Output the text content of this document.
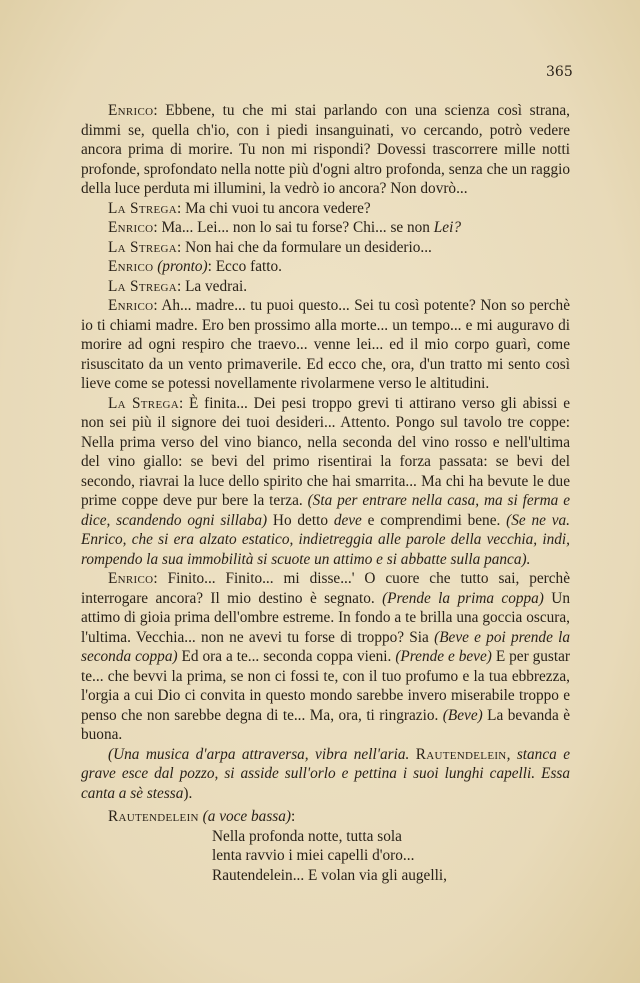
365

Enrico: Ebbene, tu che mi stai parlando con una scienza così strana, dimmi se, quella ch'io, con i piedi insanguinati, vo cercando, potrò vedere ancora prima di morire. Tu non mi rispondi? Dovessi trascorrere mille notti profonde, sprofondato nella notte più d'ogni altro profonda, senza che un raggio della luce perduta mi illumini, la vedrò io ancora? Non dovrò...

La Strega: Ma chi vuoi tu ancora vedere?

Enrico: Ma... Lei... non lo sai tu forse? Chi... se non Lei?

La Strega: Non hai che da formulare un desiderio...

Enrico (pronto): Ecco fatto.

La Strega: La vedrai.

Enrico: Ah... madre... tu puoi questo... Sei tu così potente? Non so perchè io ti chiami madre. Ero ben prossimo alla morte... un tempo... e mi auguravo di morire ad ogni respiro che traevo... venne lei... ed il mio corpo guarì, come risuscitato da un vento primaverile. Ed ecco che, ora, d'un tratto mi sento così lieve come se potessi novellamente rivolarmene verso le altitudini.

La Strega: È finita... Dei pesi troppo grevi ti attirano verso gli abissi e non sei più il signore dei tuoi desideri... Attento. Pongo sul tavolo tre coppe: Nella prima verso del vino bianco, nella seconda del vino rosso e nell'ultima del vino giallo: se bevi del primo risentirai la forza passata: se bevi del secondo, riavrai la luce dello spirito che hai smarrita... Ma chi ha bevute le due prime coppe deve pur bere la terza. (Sta per entrare nella casa, ma si ferma e dice, scandendo ogni sillaba) Ho detto deve e comprendimi bene. (Se ne va. Enrico, che si era alzato estatico, indietreggia alle parole della vecchia, indi, rompendo la sua immobilità si scuote un attimo e si abbatte sulla panca).

Enrico: Finito... Finito... mi disse...' O cuore che tutto sai, perchè interrogare ancora? Il mio destino è segnato. (Prende la prima coppa) Un attimo di gioia prima dell'ombre estreme. In fondo a te brilla una goccia oscura, l'ultima. Vecchia... non ne avevi tu forse di troppo? Sia (Beve e poi prende la seconda coppa) Ed ora a te... seconda coppa vieni. (Prende e beve) E per gustar te... che bevvi la prima, se non ci fossi te, con il tuo profumo e la tua ebbrezza, l'orgia a cui Dio ci convita in questo mondo sarebbe invero miserabile troppo e penso che non sarebbe degna di te... Ma, ora, ti ringrazio. (Beve) La bevanda è buona.

(Una musica d'arpa attraversa, vibra nell'aria. Rautendelein, stanca e grave esce dal pozzo, si asside sull'orlo e pettina i suoi lunghi capelli. Essa canta a sè stessa).

Rautendelein (a voce bassa):

Nella profonda notte, tutta sola
lenta ravvio i miei capelli d'oro...
Rautendelein... E volan via gli augelli,
